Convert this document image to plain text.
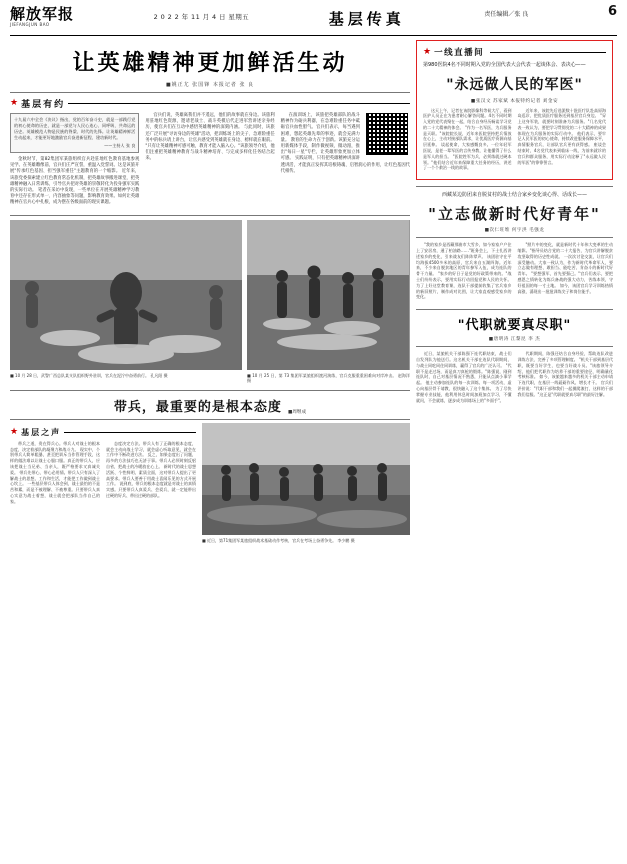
解放军报
JIEFANGJUN BAO
2 0 2 2 年 11 月 4 日 星期五	基层传真	责任编辑／张 良	6
让英雄精神更加鲜活生动
■姚正尤 张国锋 本报记者 张 良
★ 基层有约
十九届六中全会《决议》指出，党的百年奋斗史，就是一部践行党的初心使命的历史，就是一部党与人民心连心、同呼吸、共命运的历史。英雄模范人物是民族的脊梁、时代的先锋。让英雄精神鲜活生动起来，才能更好地激励官兵奋进新征程、建功新时代。
——主持人 张 良

金秋时节，第82集团军某旅组织官兵赴驻地红色教育基地参观见学。在英雄雕像前，官兵们庄严宣誓，重温入党誓词。这是该旅开展"传承红色基因、担当强军重任"主题教育的一个缩影。 近年来，该旅党委探索建立红色教育常态化机制，把英雄故事搬进课堂，把英雄精神融入日常训练，引导官兵把对英雄的崇敬转化为投身强军实践的实际行动。 笔者在采访中发现，一些单位在开展英雄精神学习教育中还存在形式单一、内容抽象等问题，影响教育效果。如何让英雄精神在官兵心中扎根，成为摆在各级面前的现实课题。

官兵们说，英雄离我们并不遥远，他们的故事就在身边。该旅利用驻地红色资源，邀请老战士、战斗英模后代走进军营讲述亲身经历，使官兵们在互动中感悟英雄精神的深刻内涵。 与此同时，该旅还广泛开展"寻访身边的英雄"活动，把训练场上的尖子、急难险重任务中的标兵请上讲台，让官兵感受到英雄就在身边、榜样就在眼前。 "只有让英雄精神可感可触，教育才能入脑入心。"该旅领导介绍，他们注重把英雄精神教育与战斗精神培育、与完成多样化任务结合起来。

在演训场上，该旅把英雄部队的战斗精神作为砺兵利器，在急难险重任务中砥砺官兵血性胆气。官兵们表示，每当遇到困难，想起英雄先辈的事迹，就会充满力量。 教育的生命力在于创新。该旅充分运用新媒体手段，制作微视频、微动漫，推出"每日一星"专栏，让英雄形象更加立体可感。 实践证明，只有把英雄精神讲深讲透讲活，才能真正发挥其培根铸魂、启智润心的作用，让红色基因代代相传。

■ 10 月 28 日，武警广西总队某支队组织野外驻训，官兵在泥泞中奋勇前行。 孔凡阳 摄	■ 10 月 25 日，第 73 集团军某旅组织渡河演练，官兵克服重重困难向对岸冲击。 赵海洋 摄
带兵，最重要的是根本态度 ■周继成
★ 基层之声

带兵之道，贵在得兵心。带兵人对战士的根本态度，决定着部队的凝聚力和战斗力。 现实中，个别带兵人简单粗暴，甚至把训斥当作管理手段，这样的做法难以让战士心服口服。真正的带兵人，应该把战士当兄弟、当亲人，既严格要求又真诚关爱。 带兵先带心，带心必用情。带兵人只有深入了解战士的思想、工作和生活，才能把工作做到战士心坎上。 一些基层带兵人体会到，战士最怕的不是苦和累，而是不被理解、不被尊重。只要带兵人真心实意为战士着想，战士就会把部队当作自己的家。

态度决定方法。带兵人有了正确的根本态度，就会主动向战士学习，就会虚心听取意见，就会在工作中不断改进方法。 反之，如果态度出了问题，再多的方法技巧也无济于事。带兵人必须时刻反躬自省，把战士的冷暖放在心上。 新时代的战士思想活跃、个性鲜明、素质全面，这对带兵人提出了更高要求。带兵人要善于用战士喜闻乐见的方式开展工作。 说到底，带兵的根本态度就是对战士的真情实感。只要带兵人真爱兵、会爱兵，就一定能带出过硬的好兵、带出过硬的部队。

■ 近日，第71集团军某旅组织战术基础动作考核，官兵在考场上奋勇争先。 李少鹏 摄
★ 一线直播间
第980医院4名不同时期入党的全国代表大会代表一起谈体会、表决心——
"永远做人民的军医"
■张汉文 苏家斌 本报特约记者 刘金安

这天上午，记者在该院影像科等候大厅，看到医护人员正在为患者耐心解答问题。4名不同时期入党的党代表聚在一起，结合自身经历畅谈学习党的二十大精神的体会。 "作为一名军医，为兵服务是天职。"该院院长说，近年来医院坚持把兵情放在心上，主动对接部队需求，让优质医疗资源向基层延伸。 谈起使命，大家感慨良多。一位年轻军医说，是老一辈军医的言传身教，让他懂得了什么是军人的担当。 "医院姓军为兵，必须练就过硬本领。"他们结合近年来保障重大任务的经历，讲述了一个个救治一线的故事。

近年来，该院先后选派数十批医疗队赴高原海岛巡诊，把优质医疗服务送到基层官兵身边。 "穿上这身军装，就要时刻准备为兵服务。"几名党代表一致认为，要把学习贯彻党的二十大精神的成果体现在为兵服务的实际行动中。 他们表示，要牢记人民军医的初心使命，持续改进服务保障水平，真情服务官兵，让部队官兵更有获得感。 座谈会结束时，4名党代表来到临床一线，为前来就诊的官兵和群众服务，用实际行动诠释了"永远做人民的军医"的铮铮誓言。

西藏某边防团来自脱贫村的战士结合家乡变化谈心得、话成长——
"立志做新时代好青年"
■次仁旺堆 何宇洪 毛强龙

"我的家乡是西藏那曲市大雪乡，如今家家户户住上了安居房，通了柏油路……"班务会上，下士扎西讲述家乡的变化，引来战友们阵阵掌声。 该团驻守在平均海拔4500多米的高原，官兵来自五湖四海。近年来，不少来自脱贫地区的青年参军入伍，成为连队的骨干力量。 "家乡的好日子是党的好政策带来的。"战士们纷纷表示，要用实际行动回报党和人民的关怀。 为了上好这堂教育课，连队干部提前收集了官兵家乡的新旧照片，制作成对比图，让大家直观感受家乡的变化。

"照片中的变化，就是新时代十年伟大变革的生动缩影。"指导员结合党的二十大报告，为官兵讲解脱贫攻坚取得的历史性成就。 一次次讨论交流，让官兵们深受触动。大家一致认为，作为新时代革命军人，要立志做有理想、敢担当、能吃苦、肯奋斗的新时代好青年。 "要想强军，首先要强己。"官兵们表示，要把感恩之情转化为练兵备战的强大动力，苦练本领，守好祖国的每一寸土地。 如今，该团官兵学习训练热情高涨，涌现出一批批训练尖子和岗位能手。

"代职就要真尽职"
■唐明涛 江黎昆 李 杰

近日，某旅机关干部陈强下连代职结束，战士们自发列队为他送行。这名机关干部在连队代职期间，与战士同吃同住同训练，赢得了官兵的广泛认可。 "代职不是走过场，而是真刀真枪的锻炼。"陈强说，刚到连队时，自己对基层情况不熟悉，只能从点滴小事学起。 他主动参加连队的每一次训练、每一项活动，虚心向基层骨干请教，很快融入了这个集体。 为了尽快掌握专业技能，他利用休息时间加班加点学习，不懂就问，不会就练，逐步成为训练场上的"多面手"。

代职期间，陈强还结合自身经验，帮助连队改进训练方法，完善了多项管理制度。 "机关干部到基层代职，既要当好学生，也要当好战斗员。"该旅领导介绍，他们把代职作为培养干部的重要途径，明确量化考核标准。 如今，该旅越来越多的机关干部主动申请下连代职，在基层一线砥砺作风、增长才干。 官兵们评价说："代职干部和我们一起摸爬滚打，这样的干部我们信服。"这正是"代职就要真尽职"的最好注解。
